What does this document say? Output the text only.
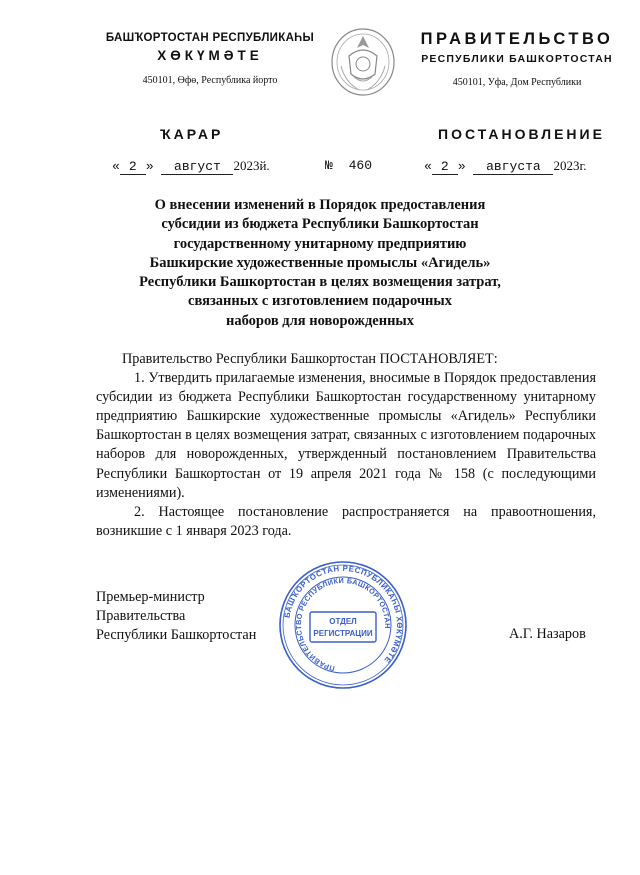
БАШҠОРТОСТАН РЕСПУБЛИКАҺЫ
ХӨКҮМӘТЕ
450101, Өфө, Республика йорто
ПРАВИТЕЛЬСТВО
РЕСПУБЛИКИ БАШКОРТОСТАН
450101, Уфа, Дом Республики
ҠАРАР	ПОСТАНОВЛЕНИЕ
« 2 » август 2023й.	№ 460	« 2 » августа 2023г.
О внесении изменений в Порядок предоставления
субсидии из бюджета Республики Башкортостан
государственному унитарному предприятию
Башкирские художественные промыслы «Агидель»
Республики Башкортостан в целях возмещения затрат,
связанных с изготовлением подарочных
наборов для новорожденных

Правительство Республики Башкортостан ПОСТАНОВЛЯЕТ:

1. Утвердить прилагаемые изменения, вносимые в Порядок предоставления субсидии из бюджета Республики Башкортостан государственному унитарному предприятию Башкирские художественные промыслы «Агидель» Республики Башкортостан в целях возмещения затрат, связанных с изготовлением подарочных наборов для новорожденных, утвержденный постановлением Правительства Республики Башкортостан от 19 апреля 2021 года № 158 (с последующими изменениями).

2. Настоящее постановление распространяется на правоотношения, возникшие с 1 января 2023 года.

Премьер-министр
Правительства
Республики Башкортостан	А.Г. Назаров
БАШҠОРТОСТАН РЕСПУБЛИКАҺЫ ХӨКҮМӘТЕ
ПРАВИТЕЛЬСТВО РЕСПУБЛИКИ БАШКОРТОСТАН
ОТДЕЛ
РЕГИСТРАЦИИ
